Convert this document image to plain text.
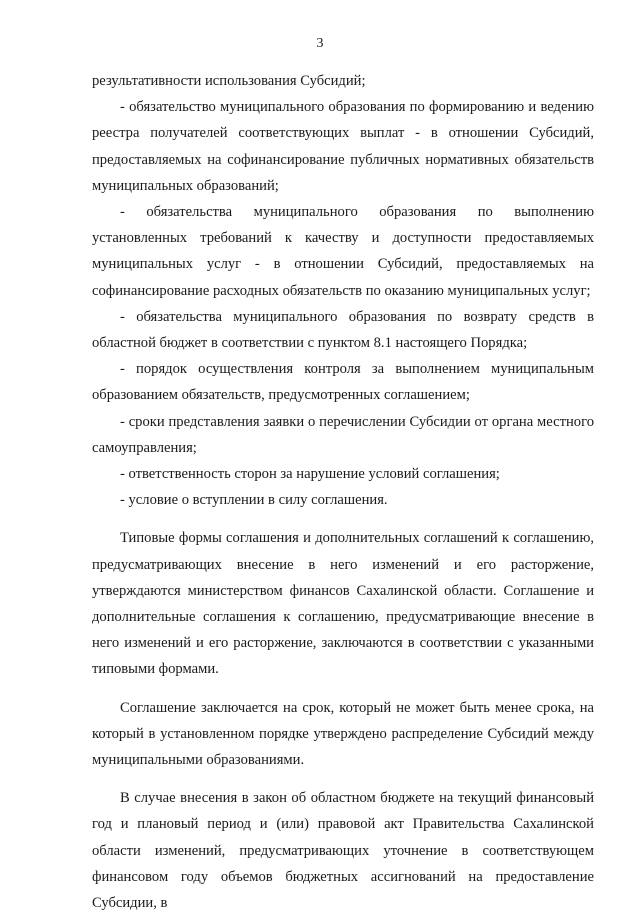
3

результативности использования Субсидий;

- обязательство муниципального образования по формированию и ведению реестра получателей соответствующих выплат - в отношении Субсидий, предоставляемых на софинансирование публичных нормативных обязательств муниципальных образований;

- обязательства муниципального образования по выполнению установленных требований к качеству и доступности предоставляемых муниципальных услуг - в отношении Субсидий, предоставляемых на софинансирование расходных обязательств по оказанию муниципальных услуг;

- обязательства муниципального образования по возврату средств в областной бюджет в соответствии с пунктом 8.1 настоящего Порядка;

- порядок осуществления контроля за выполнением муниципальным образованием обязательств, предусмотренных соглашением;

- сроки представления заявки о перечислении Субсидии от органа местного самоуправления;

- ответственность сторон за нарушение условий соглашения;

- условие о вступлении в силу соглашения.

Типовые формы соглашения и дополнительных соглашений к соглашению, предусматривающих внесение в него изменений и его расторжение, утверждаются министерством финансов Сахалинской области. Соглашение и дополнительные соглашения к соглашению, предусматривающие внесение в него изменений и его расторжение, заключаются в соответствии с указанными типовыми формами.

Соглашение заключается на срок, который не может быть менее срока, на который в установленном порядке утверждено распределение Субсидий между муниципальными образованиями.

В случае внесения в закон об областном бюджете на текущий финансовый год и плановый период и (или) правовой акт Правительства Сахалинской области изменений, предусматривающих уточнение в соответствующем финансовом году объемов бюджетных ассигнований на предоставление Субсидии, в
